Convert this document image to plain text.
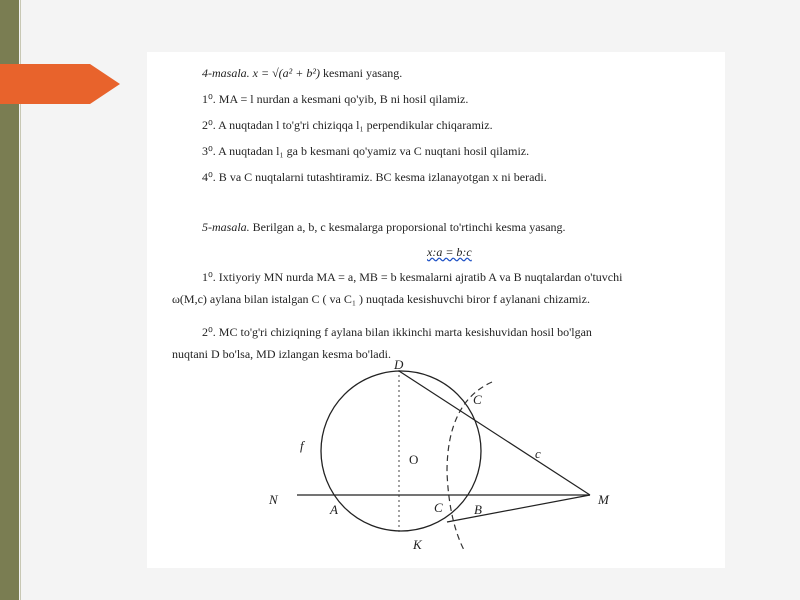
4-masala. x = √(a² + b²) kesmani yasang.
1⁰. MA = l nurdan a kesmani qo'yib, B ni hosil qilamiz.
2⁰. A nuqtadan l to'g'ri chiziqqa l₁ perpendikular chiqaramiz.
3⁰. A nuqtadan l₁ ga b kesmani qo'yamiz va C nuqtani hosil qilamiz.
4⁰. B va C nuqtalarni tutashtiramiz. BC kesma izlanayotgan x ni beradi.
5-masala. Berilgan a, b, c kesmalarga proporsional to'rtinchi kesma yasang.
x:a = b:c
1⁰. Ixtiyoriy MN nurda MA = a, MB = b kesmalarni ajratib A va B nuqtalardan o'tuvchi
ω(M,c) aylana bilan istalgan C ( va C₁ ) nuqtada kesishuvchi biror f aylanani chizamiz.
2⁰. MC to'g'ri chiziqning f aylana bilan ikkinchi marta kesishuvidan hosil bo'lgan
nuqtani D bo'lsa, MD izlangan kesma bo'ladi.
D
C
f
O	c
N
A	C B
M
K
